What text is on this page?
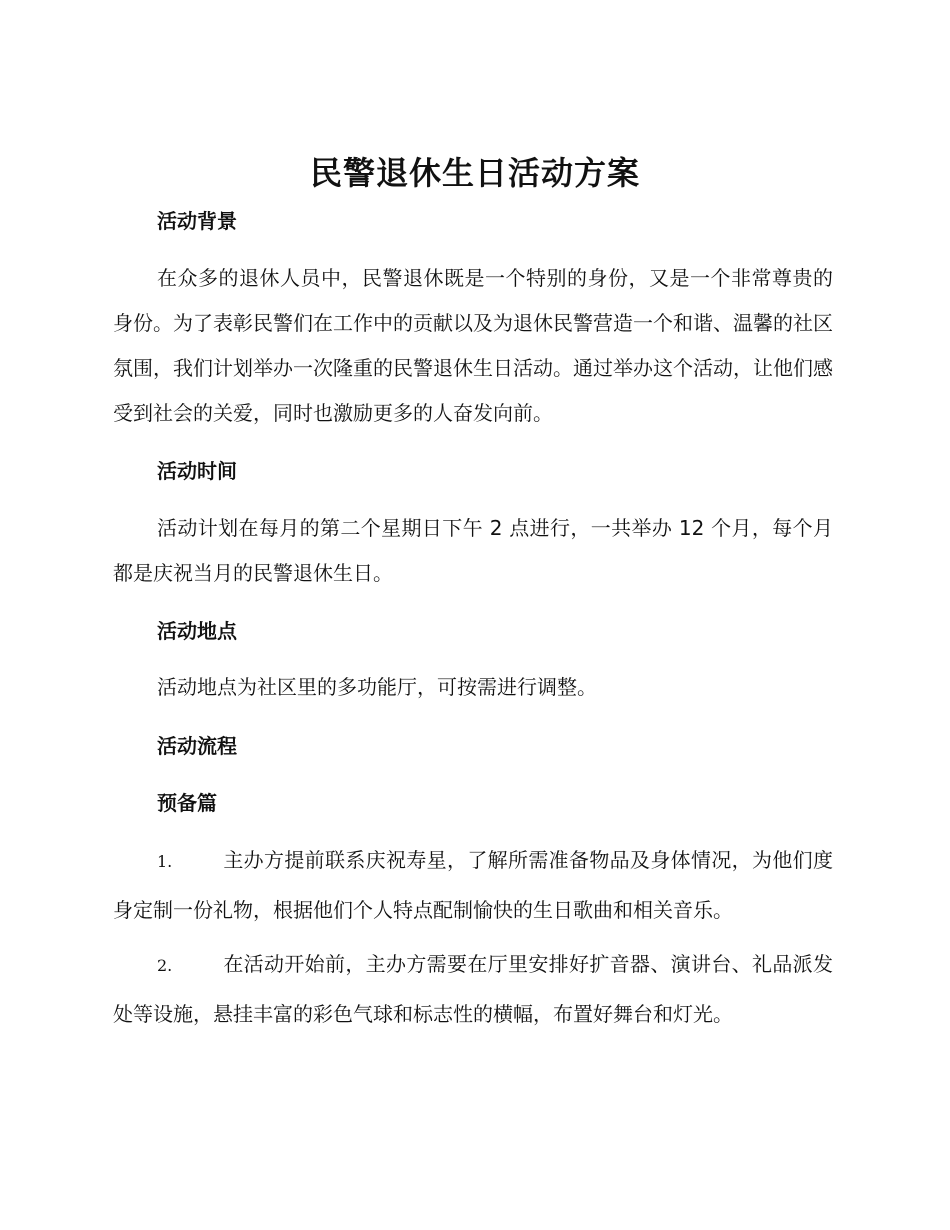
民警退休生日活动方案
活动背景
在众多的退休人员中，民警退休既是一个特别的身份，又是一个非常尊贵的身份。为了表彰民警们在工作中的贡献以及为退休民警营造一个和谐、温馨的社区氛围，我们计划举办一次隆重的民警退休生日活动。通过举办这个活动，让他们感受到社会的关爱，同时也激励更多的人奋发向前。
活动时间
活动计划在每月的第二个星期日下午 2 点进行，一共举办 12 个月，每个月都是庆祝当月的民警退休生日。
活动地点
活动地点为社区里的多功能厅，可按需进行调整。
活动流程
预备篇
1.	主办方提前联系庆祝寿星，了解所需准备物品及身体情况，为他们度身定制一份礼物，根据他们个人特点配制愉快的生日歌曲和相关音乐。
2.	在活动开始前，主办方需要在厅里安排好扩音器、演讲台、礼品派发处等设施，悬挂丰富的彩色气球和标志性的横幅，布置好舞台和灯光。
